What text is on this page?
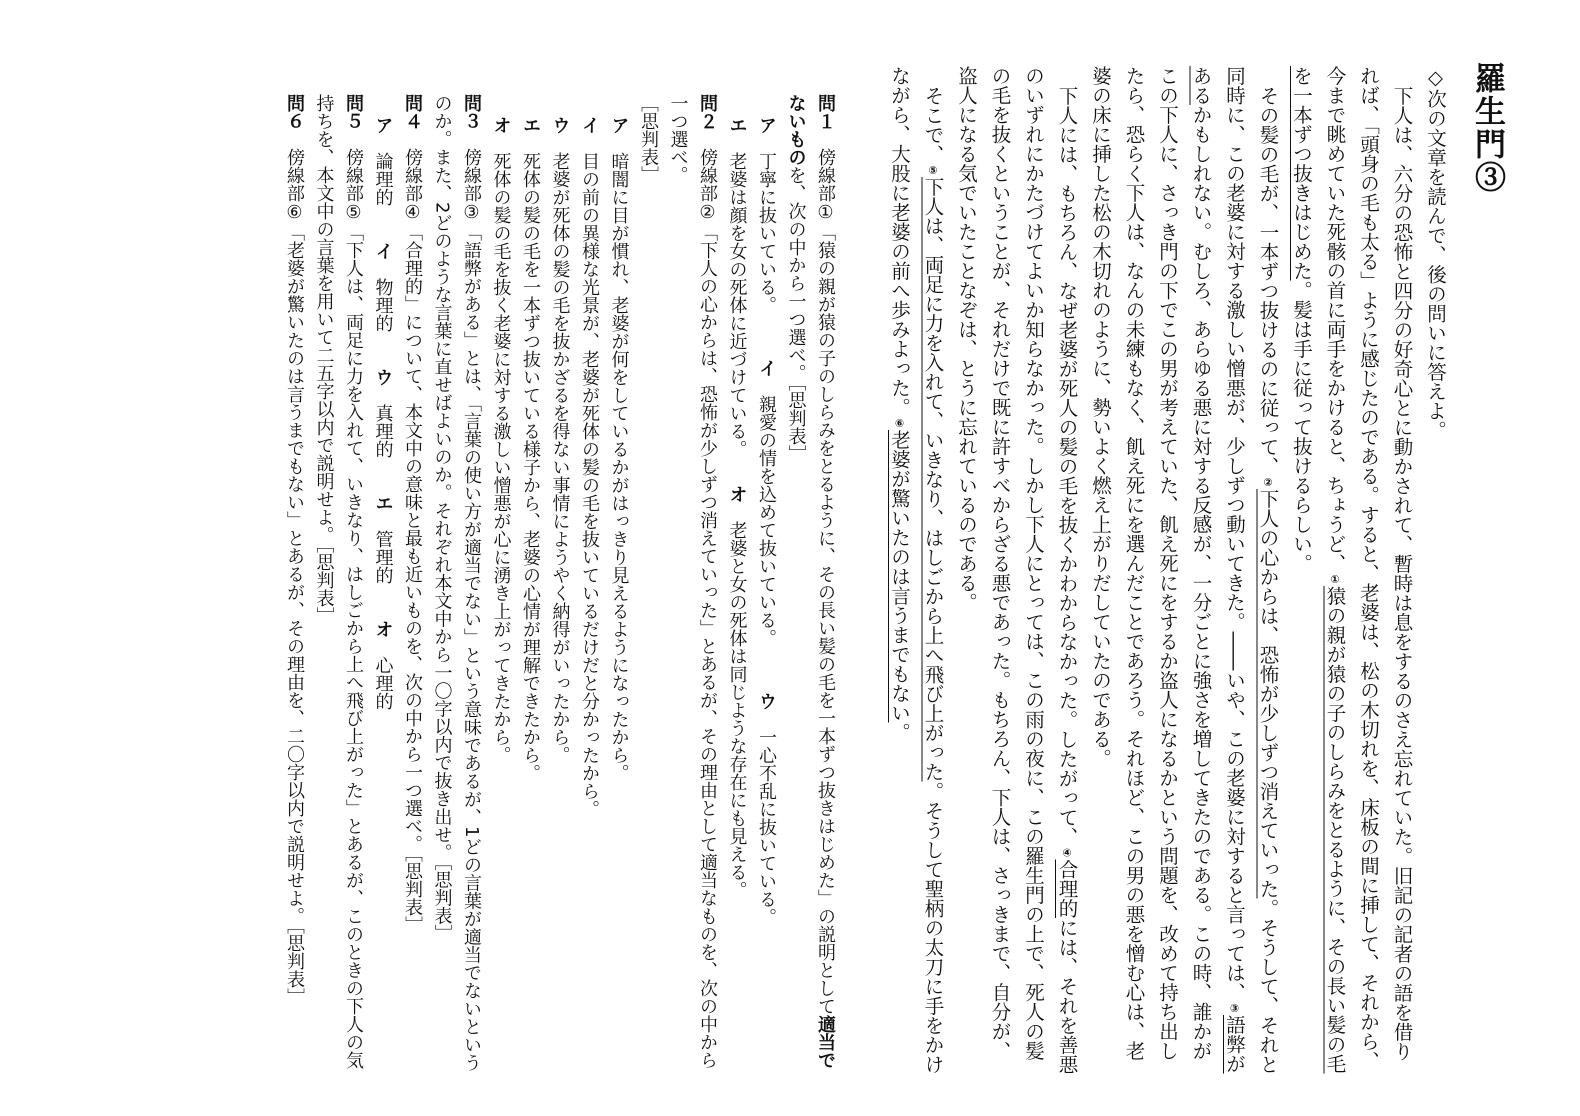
羅生門③

◇次の文章を読んで、後の問いに答えよ。

下人は、六分の恐怖と四分の好奇心とに動かされて、暫時は息をするのさえ忘れていた。旧記の記者の語を借りれば、「頭身の毛も太る」ように感じたのである。すると、老婆は、松の木切れを、床板の間に挿して、それから、今まで眺めていた死骸の首に両手をかけると、ちょうど、①猿の親が猿の子のしらみをとるように、その長い髪の毛を一本ずつ抜きはじめた。髪は手に従って抜けるらしい。

その髪の毛が、一本ずつ抜けるのに従って、②下人の心からは、恐怖が少しずつ消えていった。そうして、それと同時に、この老婆に対する激しい憎悪が、少しずつ動いてきた。――いや、この老婆に対すると言っては、③語弊があるかもしれない。むしろ、あらゆる悪に対する反感が、一分ごとに強さを増してきたのである。この時、誰かがこの下人に、さっき門の下でこの男が考えていた、飢え死にをするか盗人になるかという問題を、改めて持ち出したら、恐らく下人は、なんの未練もなく、飢え死にを選んだことであろう。それほど、この男の悪を憎む心は、老婆の床に挿した松の木切れのように、勢いよく燃え上がりだしていたのである。

下人には、もちろん、なぜ老婆が死人の髪の毛を抜くかわからなかった。したがって、④合理的には、それを善悪のいずれにかたづけてよいか知らなかった。しかし下人にとっては、この雨の夜に、この羅生門の上で、死人の髪の毛を抜くということが、それだけで既に許すべからざる悪であった。もちろん、下人は、さっきまで、自分が、盗人になる気でいたことなぞは、とうに忘れているのである。

そこで、⑤下人は、両足に力を入れて、いきなり、はしごから上へ飛び上がった。そうして聖柄の太刀に手をかけながら、大股に老婆の前へ歩みよった。⑥老婆が驚いたのは言うまでもない。

問１　傍線部①「猿の親が猿の子のしらみをとるように、その長い髪の毛を一本ずつ抜きはじめた」の説明として適当でないものを、次の中から一つ選べ。［思判表］

ア　丁寧に抜いている。　　　イ　親愛の情を込めて抜いている。　　　ウ　一心不乱に抜いている。

エ　老婆は顔を女の死体に近づけている。　　オ　老婆と女の死体は同じような存在にも見える。

問２　傍線部②「下人の心からは、恐怖が少しずつ消えていった」とあるが、その理由として適当なものを、次の中から一つ選べ。
［思判表］

ア　暗闇に目が慣れ、老婆が何をしているかがはっきり見えるようになったから。

イ　目の前の異様な光景が、老婆が死体の髪の毛を抜いているだけだと分かったから。

ウ　老婆が死体の髪の毛を抜かざるを得ない事情にようやく納得がいったから。

エ　死体の髪の毛を一本ずつ抜いている様子から、老婆の心情が理解できたから。

オ　死体の髪の毛を抜く老婆に対する激しい憎悪が心に湧き上がってきたから。

問３　傍線部③「語弊がある」とは、「言葉の使い方が適当でない」という意味であるが、1どの言葉が適当でないというのか。また、2どのような言葉に直せばよいのか。それぞれ本文中から一〇字以内で抜き出せ。［思判表］

問４　傍線部④「合理的」について、本文中の意味と最も近いものを、次の中から一つ選べ。［思判表］

ア　論理的　　イ　物理的　　ウ　真理的　　エ　管理的　　オ　心理的

問５　傍線部⑤「下人は、両足に力を入れて、いきなり、はしごから上へ飛び上がった」とあるが、このときの下人の気持ちを、本文中の言葉を用いて二五字以内で説明せよ。［思判表］

問６　傍線部⑥「老婆が驚いたのは言うまでもない」とあるが、その理由を、二〇字以内で説明せよ。［思判表］
